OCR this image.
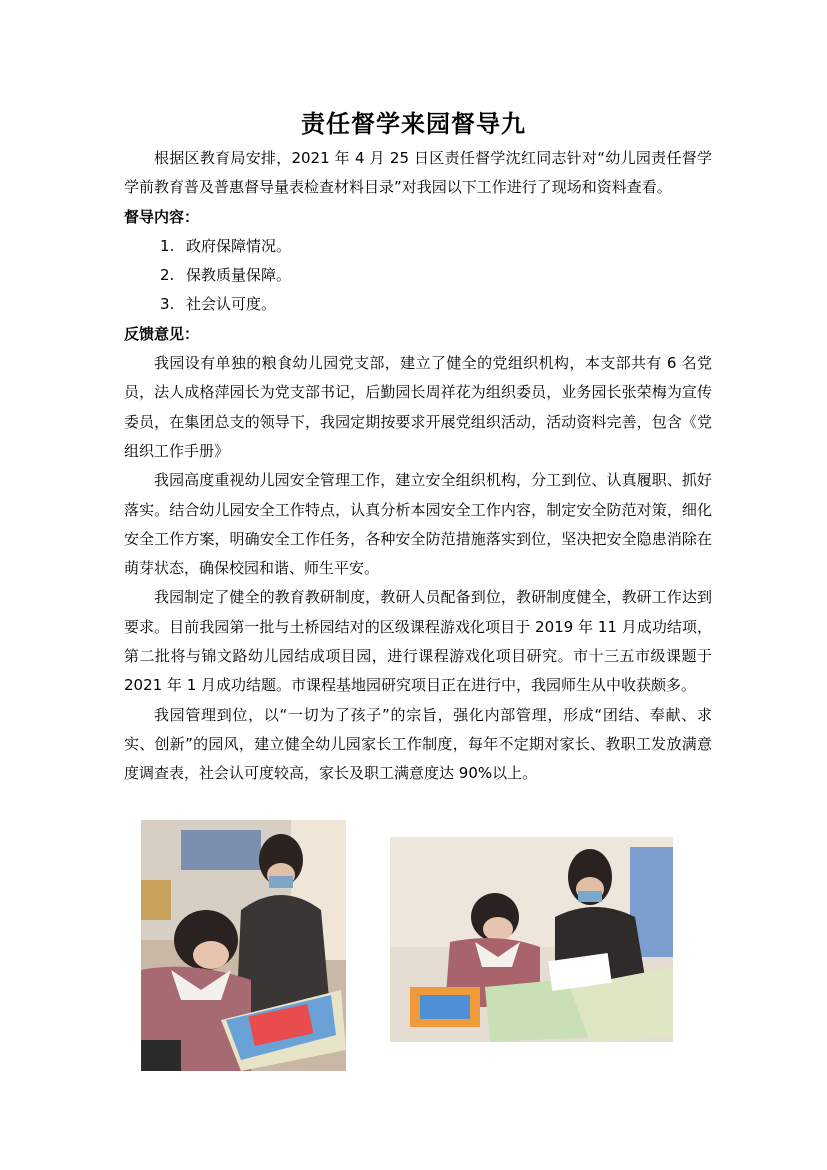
责任督学来园督导九

根据区教育局安排，2021 年 4 月 25 日区责任督学沈红同志针对“幼儿园责任督学学前教育普及普惠督导量表检查材料目录”对我园以下工作进行了现场和资料查看。

督导内容：
1. 政府保障情况。
2. 保教质量保障。
3. 社会认可度。
反馈意见：

我园设有单独的粮食幼儿园党支部，建立了健全的党组织机构，本支部共有 6 名党员，法人成格萍园长为党支部书记，后勤园长周祥花为组织委员，业务园长张荣梅为宣传委员，在集团总支的领导下，我园定期按要求开展党组织活动，活动资料完善，包含《党组织工作手册》

我园高度重视幼儿园安全管理工作，建立安全组织机构，分工到位、认真履职、抓好落实。结合幼儿园安全工作特点，认真分析本园安全工作内容，制定安全防范对策，细化安全工作方案，明确安全工作任务，各种安全防范措施落实到位，坚决把安全隐患消除在萌芽状态，确保校园和谐、师生平安。

我园制定了健全的教育教研制度，教研人员配备到位，教研制度健全，教研工作达到要求。目前我园第一批与土桥园结对的区级课程游戏化项目于 2019 年 11 月成功结项，第二批将与锦文路幼儿园结成项目园，进行课程游戏化项目研究。市十三五市级课题于 2021 年 1 月成功结题。市课程基地园研究项目正在进行中，我园师生从中收获颇多。

我园管理到位，以“一切为了孩子”的宗旨，强化内部管理，形成“团结、奉献、求实、创新”的园风，建立健全幼儿园家长工作制度，每年不定期对家长、教职工发放满意度调查表，社会认可度较高，家长及职工满意度达 90%以上。
